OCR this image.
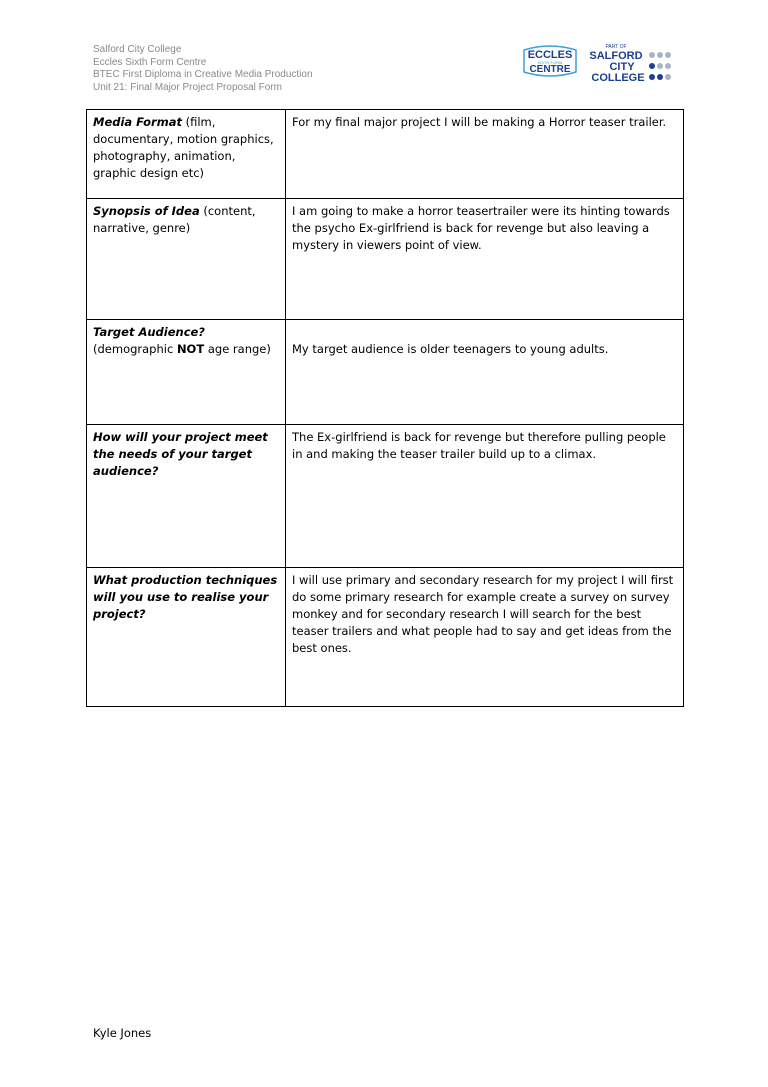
Salford City College
Eccles Sixth Form Centre
BTEC First Diploma in Creative Media Production
Unit 21: Final Major Project Proposal Form
ECCLES
SIXTH FORM
CENTRE
PART OF
SALFORD
CITY
COLLEGE
Media Format (film, documentary, motion graphics, photography, animation, graphic design etc)	For my final major project I will be making a Horror teaser trailer.
Synopsis of Idea (content, narrative, genre)	I am going to make a horror teasertrailer were its hinting towards the psycho Ex-girlfriend is back for revenge but also leaving a mystery in viewers point of view.
Target Audience?
(demographic NOT age range)	My target audience is older teenagers to young adults.

How will your project meet the needs of your target audience?	The Ex-girlfriend is back for revenge but therefore pulling people in and making the teaser trailer build up to a climax.
What production techniques will you use to realise your project?	I will use primary and secondary research for my project I will first do some primary research for example create a survey on survey monkey and for secondary research I will search for the best teaser trailers and what people had to say and get ideas from the best ones.
Kyle Jones
